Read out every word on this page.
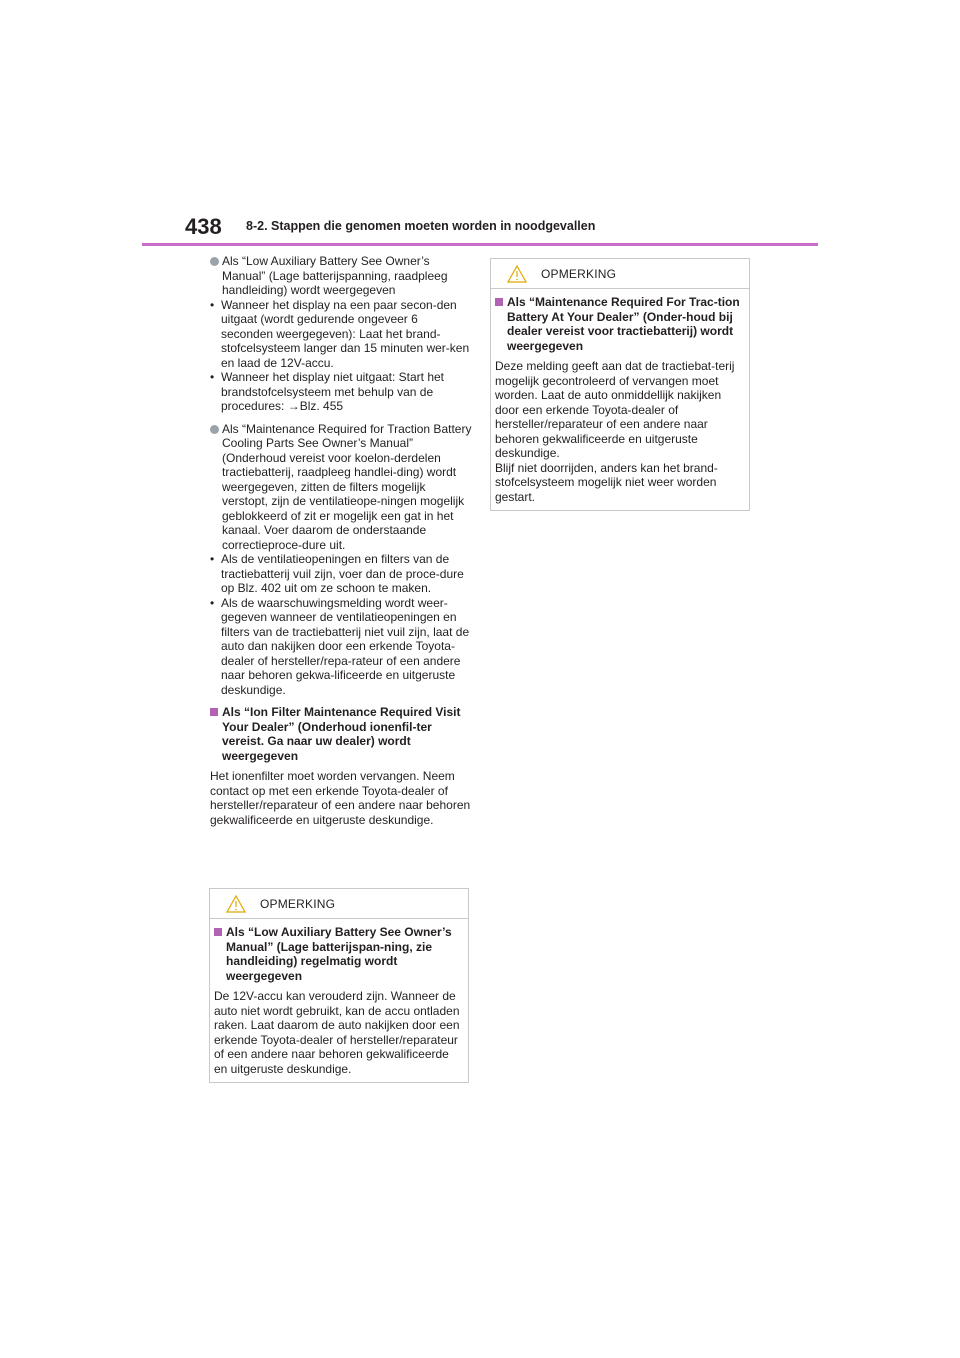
438 8-2. Stappen die genomen moeten worden in noodgevallen
Als “Low Auxiliary Battery See Owner’s Manual” (Lage batterijspanning, raadpleeg handleiding) wordt weergegeven
• Wanneer het display na een paar secon-den uitgaat (wordt gedurende ongeveer 6 seconden weergegeven): Laat het brand-stofcelsysteem langer dan 15 minuten wer-ken en laad de 12V-accu.
• Wanneer het display niet uitgaat: Start het brandstofcelsysteem met behulp van de procedures: →Blz. 455
Als “Maintenance Required for Traction Battery Cooling Parts See Owner’s Manual” (Onderhoud vereist voor koelon-derdelen tractiebatterij, raadpleeg handlei-ding) wordt weergegeven, zitten de filters mogelijk verstopt, zijn de ventilatieope-ningen mogelijk geblokkeerd of zit er mogelijk een gat in het kanaal. Voer daarom de onderstaande correctieproce-dure uit.
• Als de ventilatieopeningen en filters van de tractiebatterij vuil zijn, voer dan de proce-dure op Blz. 402 uit om ze schoon te maken.
• Als de waarschuwingsmelding wordt weer-gegeven wanneer de ventilatieopeningen en filters van de tractiebatterij niet vuil zijn, laat de auto dan nakijken door een erkende Toyota-dealer of hersteller/repa-rateur of een andere naar behoren gekwa-lificeerde en uitgeruste deskundige.
Als “Ion Filter Maintenance Required Visit Your Dealer” (Onderhoud ionenfil-ter vereist. Ga naar uw dealer) wordt weergegeven
Het ionenfilter moet worden vervangen. Neem contact op met een erkende Toyota-dealer of hersteller/reparateur of een andere naar behoren gekwalificeerde en uitgeruste deskundige.
OPMERKING
Als “Low Auxiliary Battery See Owner’s Manual” (Lage batterijspan-ning, zie handleiding) regelmatig wordt weergegeven
De 12V-accu kan verouderd zijn. Wanneer de auto niet wordt gebruikt, kan de accu ontladen raken. Laat daarom de auto nakijken door een erkende Toyota-dealer of hersteller/reparateur of een andere naar behoren gekwalificeerde en uitgeruste deskundige.
OPMERKING
Als “Maintenance Required For Trac-tion Battery At Your Dealer” (Onder-houd bij dealer vereist voor tractiebatterij) wordt weergegeven
Deze melding geeft aan dat de tractiebat-terij mogelijk gecontroleerd of vervangen moet worden. Laat de auto onmiddellijk nakijken door een erkende Toyota-dealer of hersteller/reparateur of een andere naar behoren gekwalificeerde en uitgeruste deskundige.
Blijf niet doorrijden, anders kan het brand-stofcelsysteem mogelijk niet weer worden gestart.
